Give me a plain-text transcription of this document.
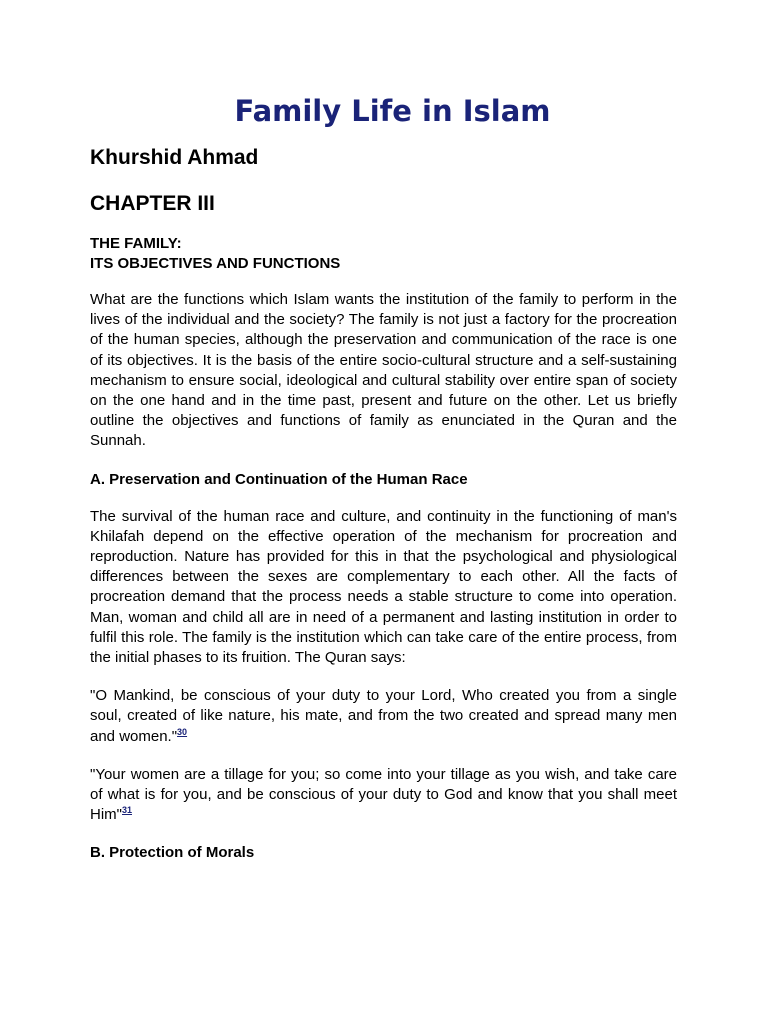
Family Life in Islam
Khurshid Ahmad
CHAPTER III
THE FAMILY:
ITS OBJECTIVES AND FUNCTIONS

What are the functions which Islam wants the institution of the family to perform in the lives of the individual and the society? The family is not just a factory for the procreation of the human species, although the preservation and communication of the race is one of its objectives. It is the basis of the entire socio-cultural structure and a self-sustaining mechanism to ensure social, ideological and cultural stability over entire span of society on the one hand and in the time past, present and future on the other. Let us briefly outline the objectives and functions of family as enunciated in the Quran and the Sunnah.

A. Preservation and Continuation of the Human Race

The survival of the human race and culture, and continuity in the functioning of man's Khilafah depend on the effective operation of the mechanism for procreation and reproduction. Nature has provided for this in that the psychological and physiological differences between the sexes are complementary to each other. All the facts of procreation demand that the process needs a stable structure to come into operation. Man, woman and child all are in need of a permanent and lasting institution in order to fulfil this role. The family is the institution which can take care of the entire process, from the initial phases to its fruition. The Quran says:

"O Mankind, be conscious of your duty to your Lord, Who created you from a single soul, created of like nature, his mate, and from the two created and spread many men and women."$^{30}$

"Your women are a tillage for you; so come into your tillage as you wish, and take care of what is for you, and be conscious of your duty to God and know that you shall meet Him"$^{31}$

B. Protection of Morals
